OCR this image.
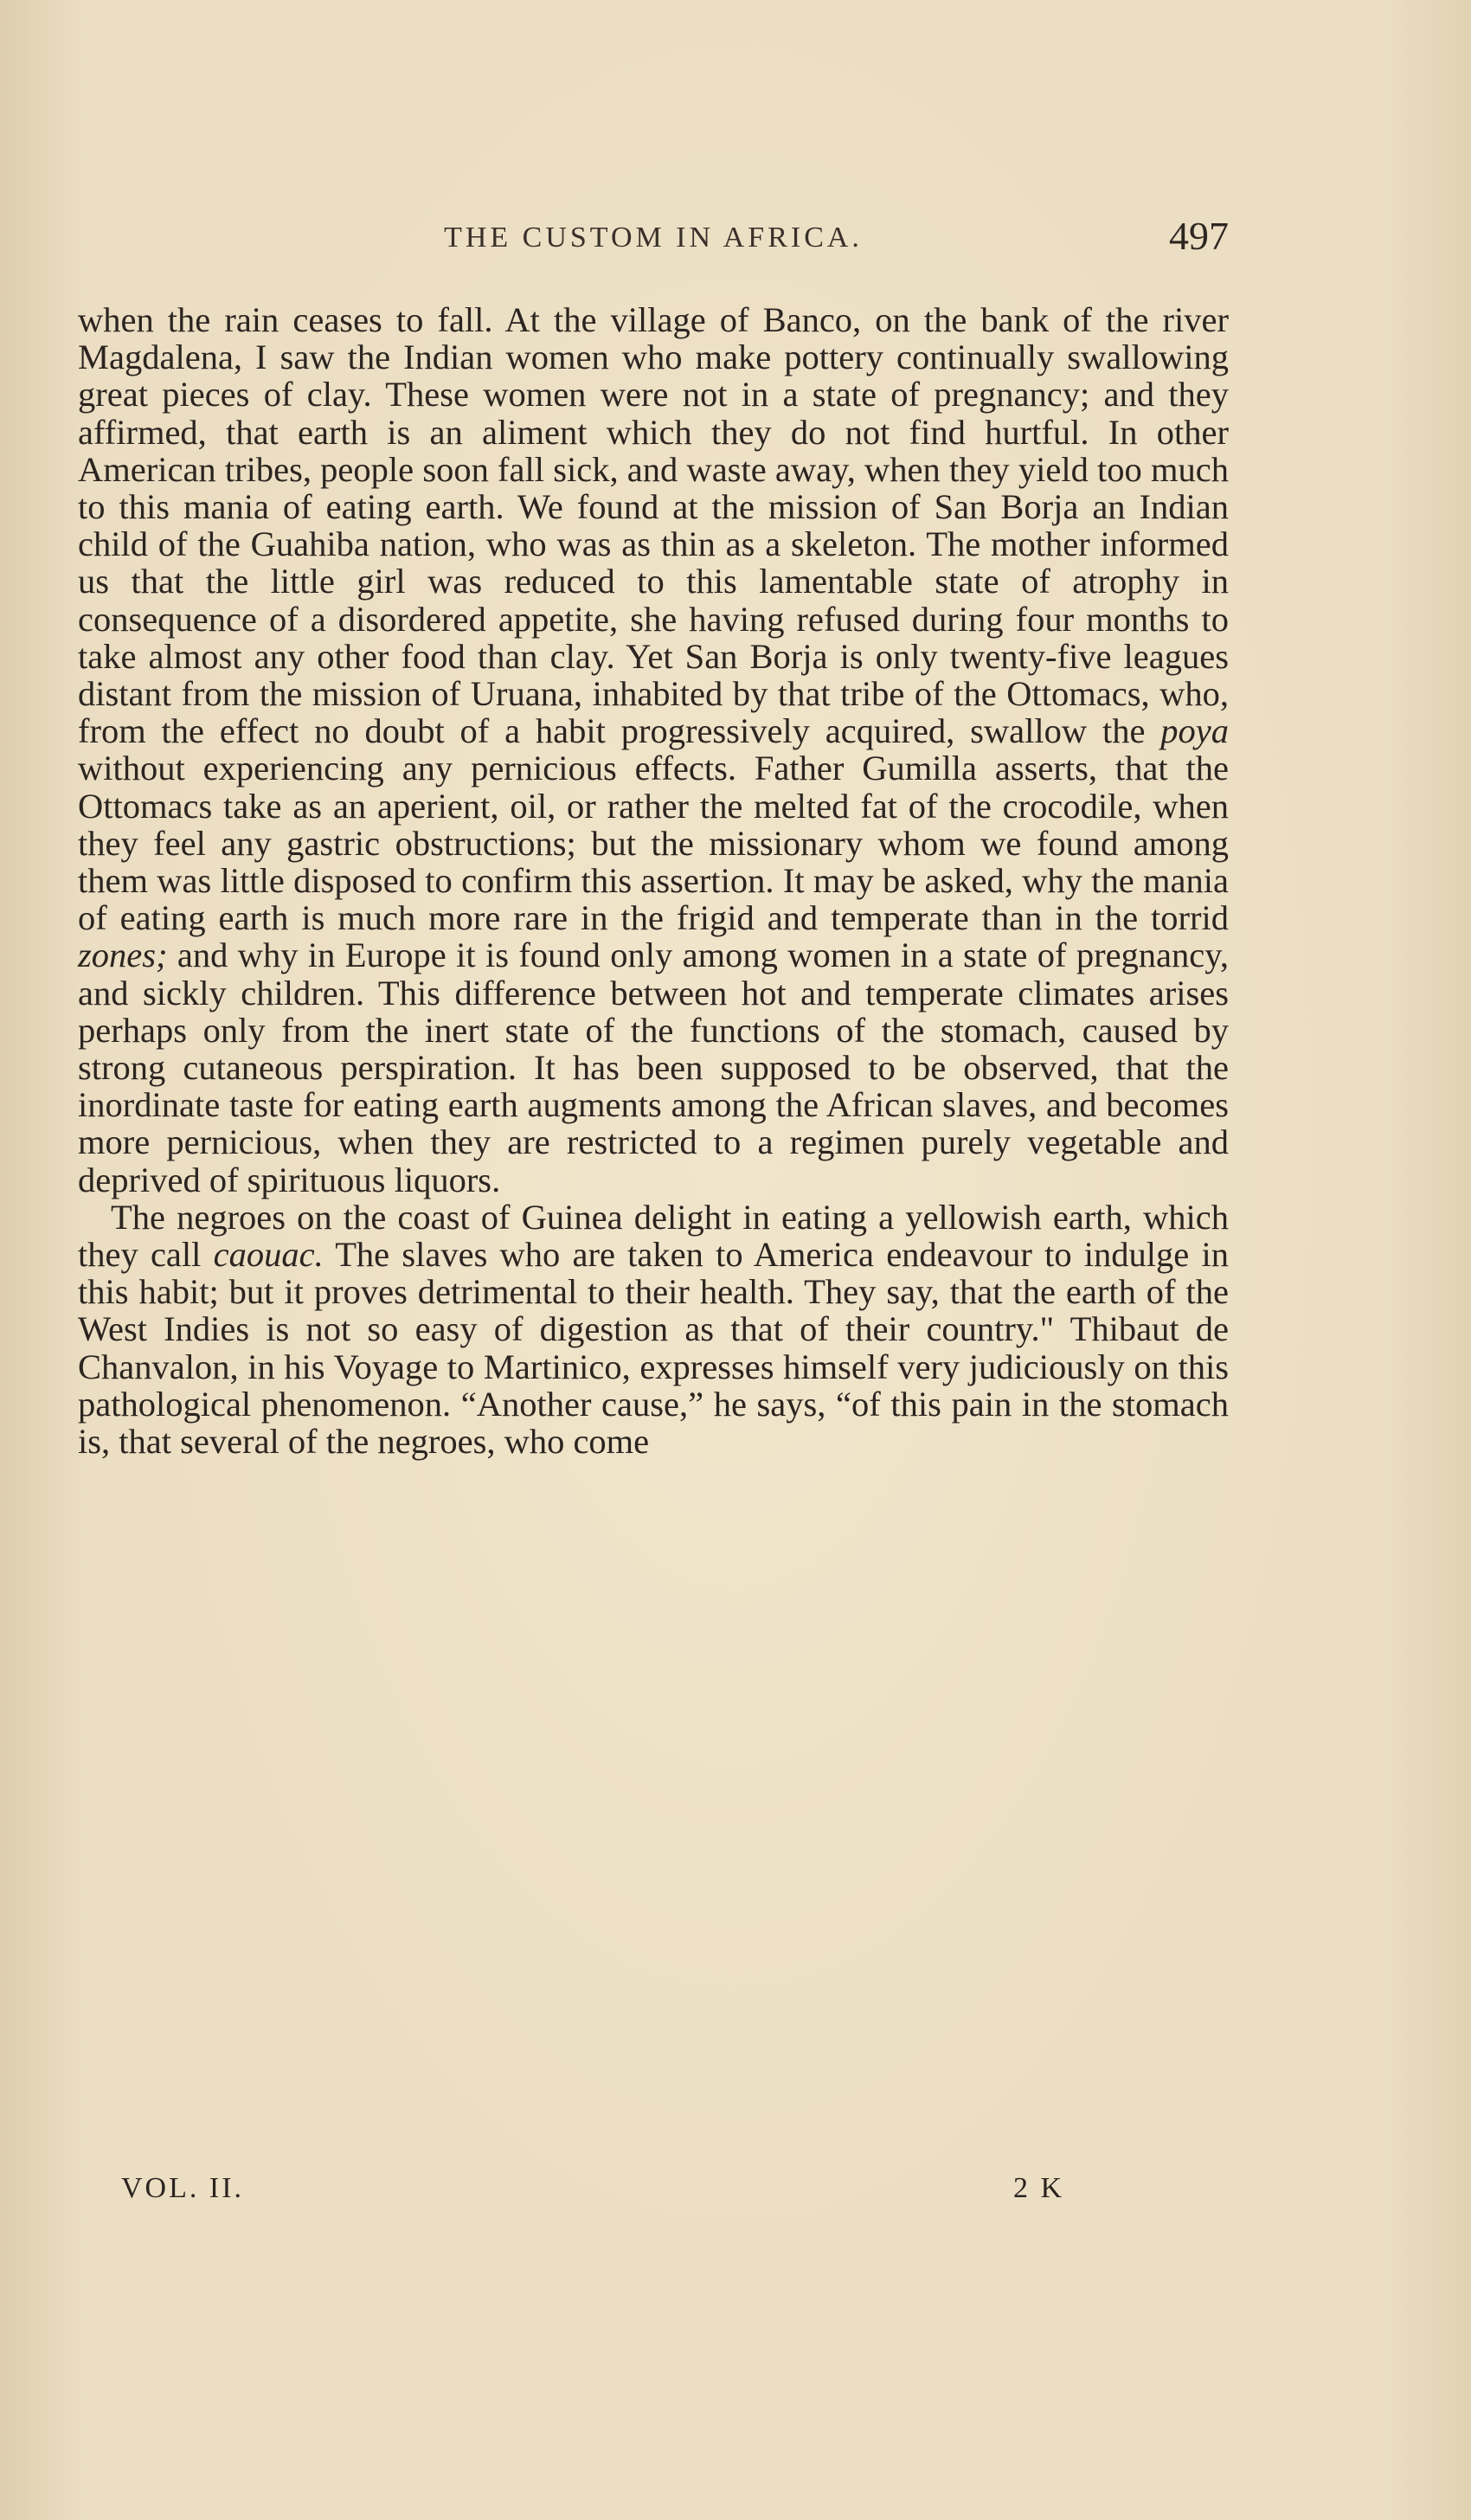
THE CUSTOM IN AFRICA.	497

when the rain ceases to fall. At the village of Banco, on the bank of the river Magdalena, I saw the Indian women who make pottery continually swallowing great pieces of clay. These women were not in a state of pregnancy; and they affirmed, that earth is an aliment which they do not find hurtful. In other American tribes, people soon fall sick, and waste away, when they yield too much to this mania of eating earth. We found at the mission of San Borja an Indian child of the Guahiba nation, who was as thin as a skeleton. The mother informed us that the little girl was reduced to this lamentable state of atrophy in consequence of a disordered appetite, she having refused during four months to take almost any other food than clay. Yet San Borja is only twenty-five leagues distant from the mission of Uruana, inhabited by that tribe of the Ottomacs, who, from the effect no doubt of a habit progressively acquired, swallow the poya without experiencing any pernicious effects. Father Gumilla asserts, that the Ottomacs take as an aperient, oil, or rather the melted fat of the crocodile, when they feel any gastric obstructions; but the missionary whom we found among them was little disposed to confirm this assertion. It may be asked, why the mania of eating earth is much more rare in the frigid and temperate than in the torrid zones; and why in Europe it is found only among women in a state of pregnancy, and sickly children. This difference between hot and temperate climates arises perhaps only from the inert state of the functions of the stomach, caused by strong cutaneous perspiration. It has been supposed to be observed, that the inordinate taste for eating earth augments among the African slaves, and becomes more pernicious, when they are restricted to a regimen purely vegetable and deprived of spirituous liquors.

The negroes on the coast of Guinea delight in eating a yellowish earth, which they call caouac. The slaves who are taken to America endeavour to indulge in this habit; but it proves detrimental to their health. They say, that the earth of the West Indies is not so easy of digestion as that of their country." Thibaut de Chanvalon, in his Voyage to Martinico, expresses himself very judiciously on this pathological phenomenon. “Another cause,” he says, “of this pain in the stomach is, that several of the negroes, who come

VOL. II.	2 K
